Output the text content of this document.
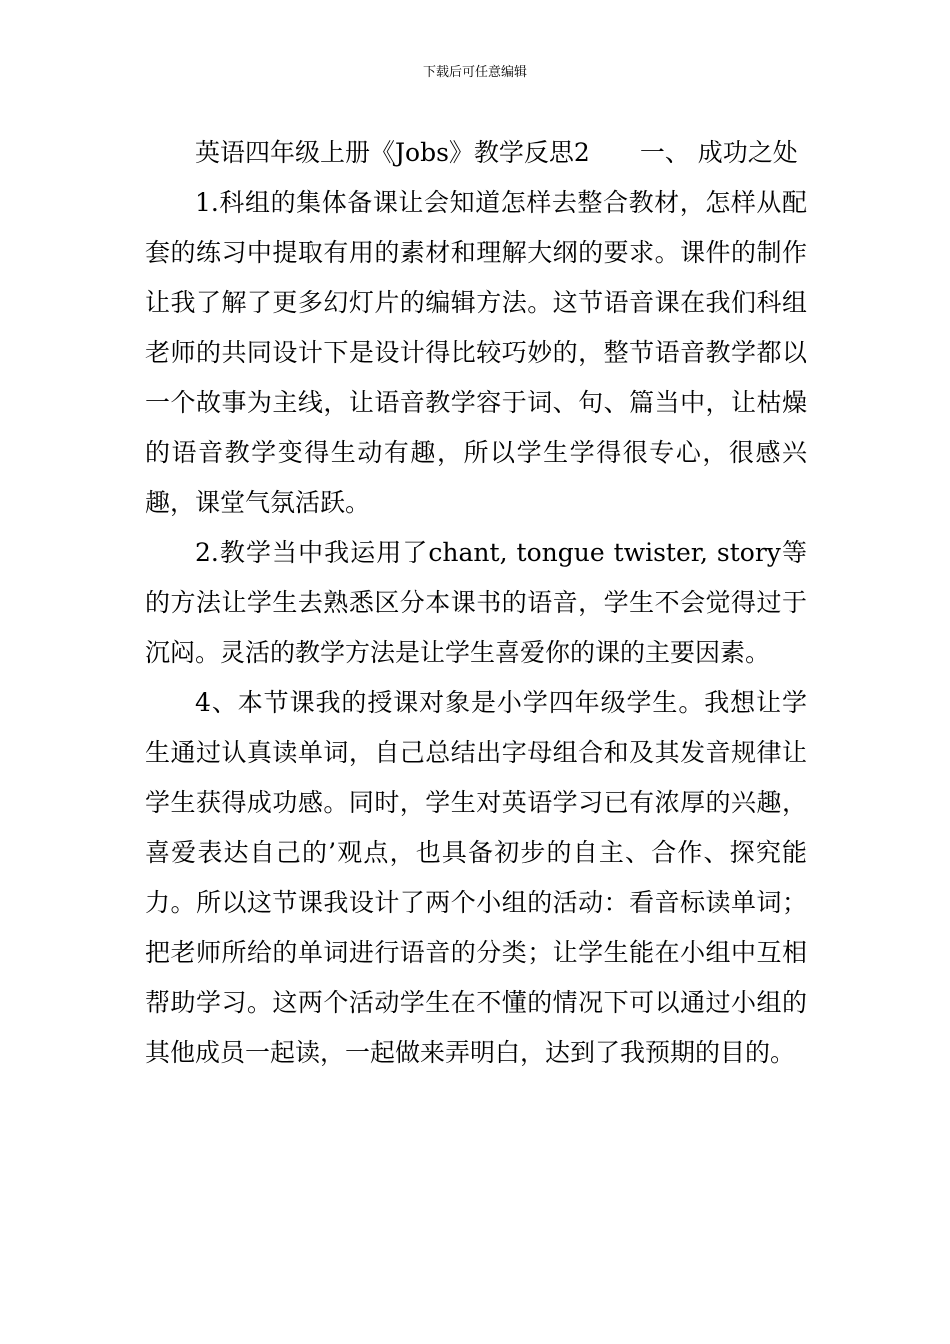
下载后可任意编辑

英语四年级上册《Jobs》教学反思2 一、 成功之处

1.科组的集体备课让会知道怎样去整合教材，怎样从配套的练习中提取有用的素材和理解大纲的要求。课件的制作让我了解了更多幻灯片的编辑方法。这节语音课在我们科组老师的共同设计下是设计得比较巧妙的，整节语音教学都以一个故事为主线，让语音教学容于词、句、篇当中，让枯燥的语音教学变得生动有趣，所以学生学得很专心，很感兴趣，课堂气氛活跃。

2.教学当中我运用了chant, tongue twister, story等的方法让学生去熟悉区分本课书的语音，学生不会觉得过于沉闷。灵活的教学方法是让学生喜爱你的课的主要因素。

4、本节课我的授课对象是小学四年级学生。我想让学生通过认真读单词，自己总结出字母组合和及其发音规律让学生获得成功感。同时，学生对英语学习已有浓厚的兴趣，喜爱表达自己的’观点，也具备初步的自主、合作、探究能力。所以这节课我设计了两个小组的活动：看音标读单词；把老师所给的单词进行语音的分类；让学生能在小组中互相帮助学习。这两个活动学生在不懂的情况下可以通过小组的其他成员一起读，一起做来弄明白，达到了我预期的目的。
